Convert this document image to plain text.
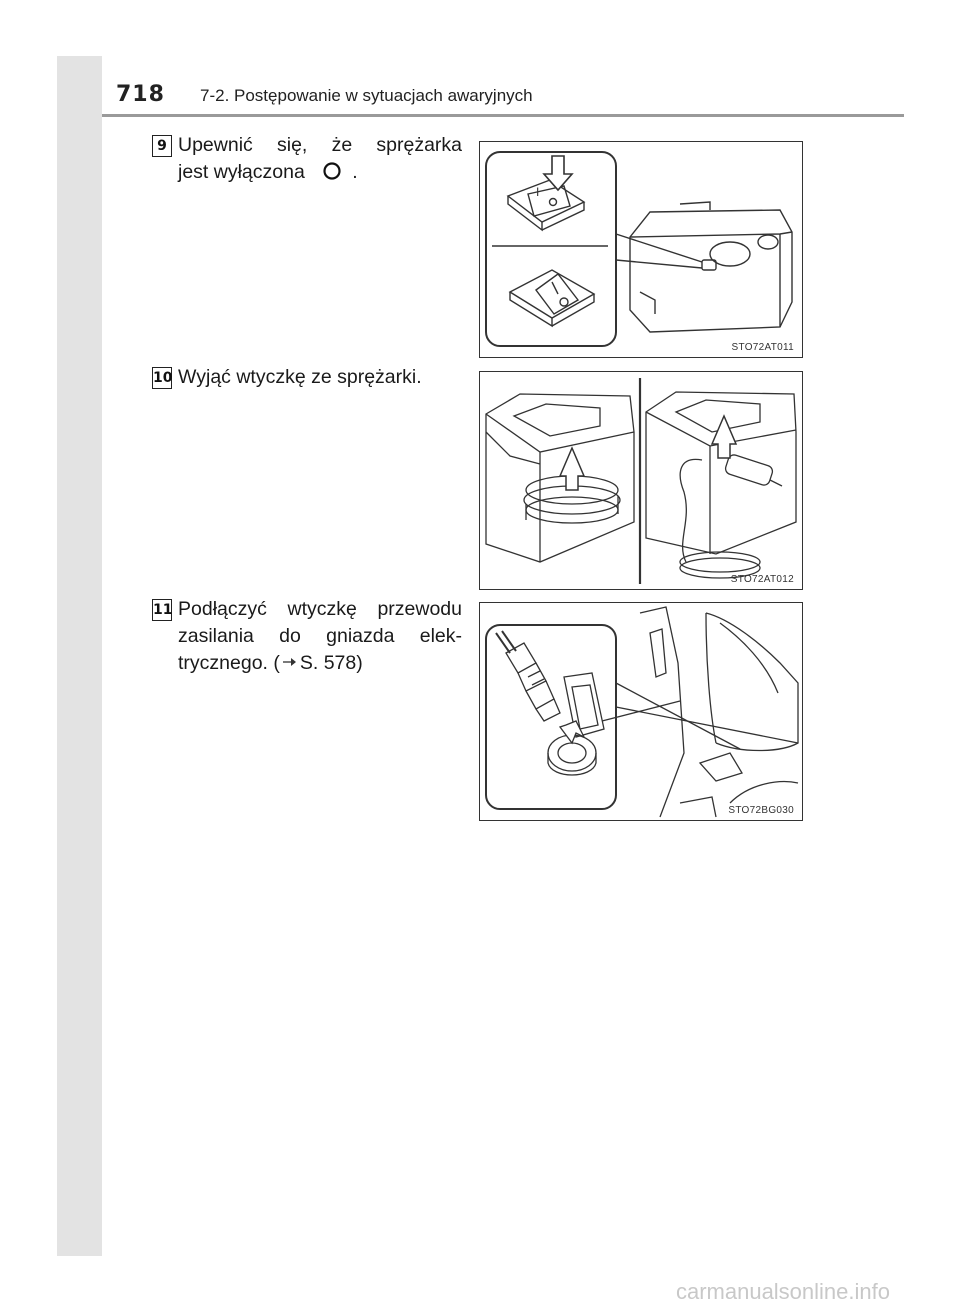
718 7-2. Postępowanie w sytuacjach awaryjnych
9 Upewnić się, że sprężarka
jest wyłączona .
I
STO72AT011
10 Wyjąć wtyczkę ze sprężarki.
STO72AT012
11 Podłączyć wtyczkę przewodu
zasilania do gniazda elek-
trycznego. ( S. 578)
STO72BG030
carmanualsonline.info
